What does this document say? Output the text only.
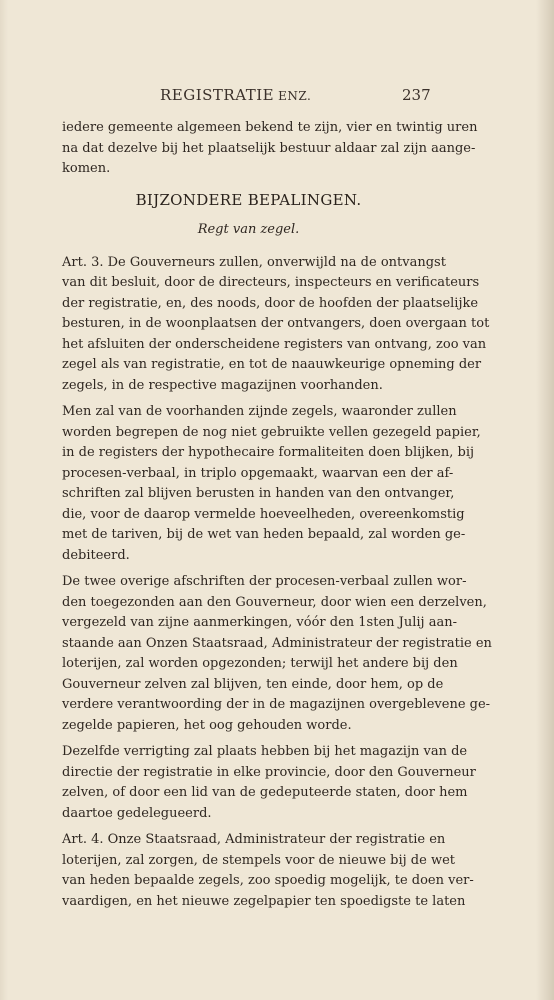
REGISTRATIE ENZ.	237
iedere gemeente algemeen bekend te zijn, vier en twintig uren
na dat dezelve bij het plaatselijk bestuur aldaar zal zijn aange-
komen.
BIJZONDERE BEPALINGEN.
Regt van zegel.
Art. 3. De Gouverneurs zullen, onverwijld na de ontvangst
van dit besluit, door de directeurs, inspecteurs en verificateurs
der registratie, en, des noods, door de hoofden der plaatselijke
besturen, in de woonplaatsen der ontvangers, doen overgaan tot
het afsluiten der onderscheidene registers van ontvang, zoo van
zegel als van registratie, en tot de naauwkeurige opneming der
zegels, in de respective magazijnen voorhanden.
Men zal van de voorhanden zijnde zegels, waaronder zullen
worden begrepen de nog niet gebruikte vellen gezegeld papier,
in de registers der hypothecaire formaliteiten doen blijken, bij
procesen-verbaal, in triplo opgemaakt, waarvan een der af-
schriften zal blijven berusten in handen van den ontvanger,
die, voor de daarop vermelde hoeveelheden, overeenkomstig
met de tariven, bij de wet van heden bepaald, zal worden ge-
debiteerd.
De twee overige afschriften der procesen-verbaal zullen wor-
den toegezonden aan den Gouverneur, door wien een derzelven,
vergezeld van zijne aanmerkingen, vóór den 1sten Julij aan-
staande aan Onzen Staatsraad, Administrateur der registratie en
loterijen, zal worden opgezonden; terwijl het andere bij den
Gouverneur zelven zal blijven, ten einde, door hem, op de
verdere verantwoording der in de magazijnen overgeblevene ge-
zegelde papieren, het oog gehouden worde.
Dezelfde verrigting zal plaats hebben bij het magazijn van de
directie der registratie in elke provincie, door den Gouverneur
zelven, of door een lid van de gedeputeerde staten, door hem
daartoe gedelegueerd.
Art. 4. Onze Staatsraad, Administrateur der registratie en
loterijen, zal zorgen, de stempels voor de nieuwe bij de wet
van heden bepaalde zegels, zoo spoedig mogelijk, te doen ver-
vaardigen, en het nieuwe zegelpapier ten spoedigste te laten
